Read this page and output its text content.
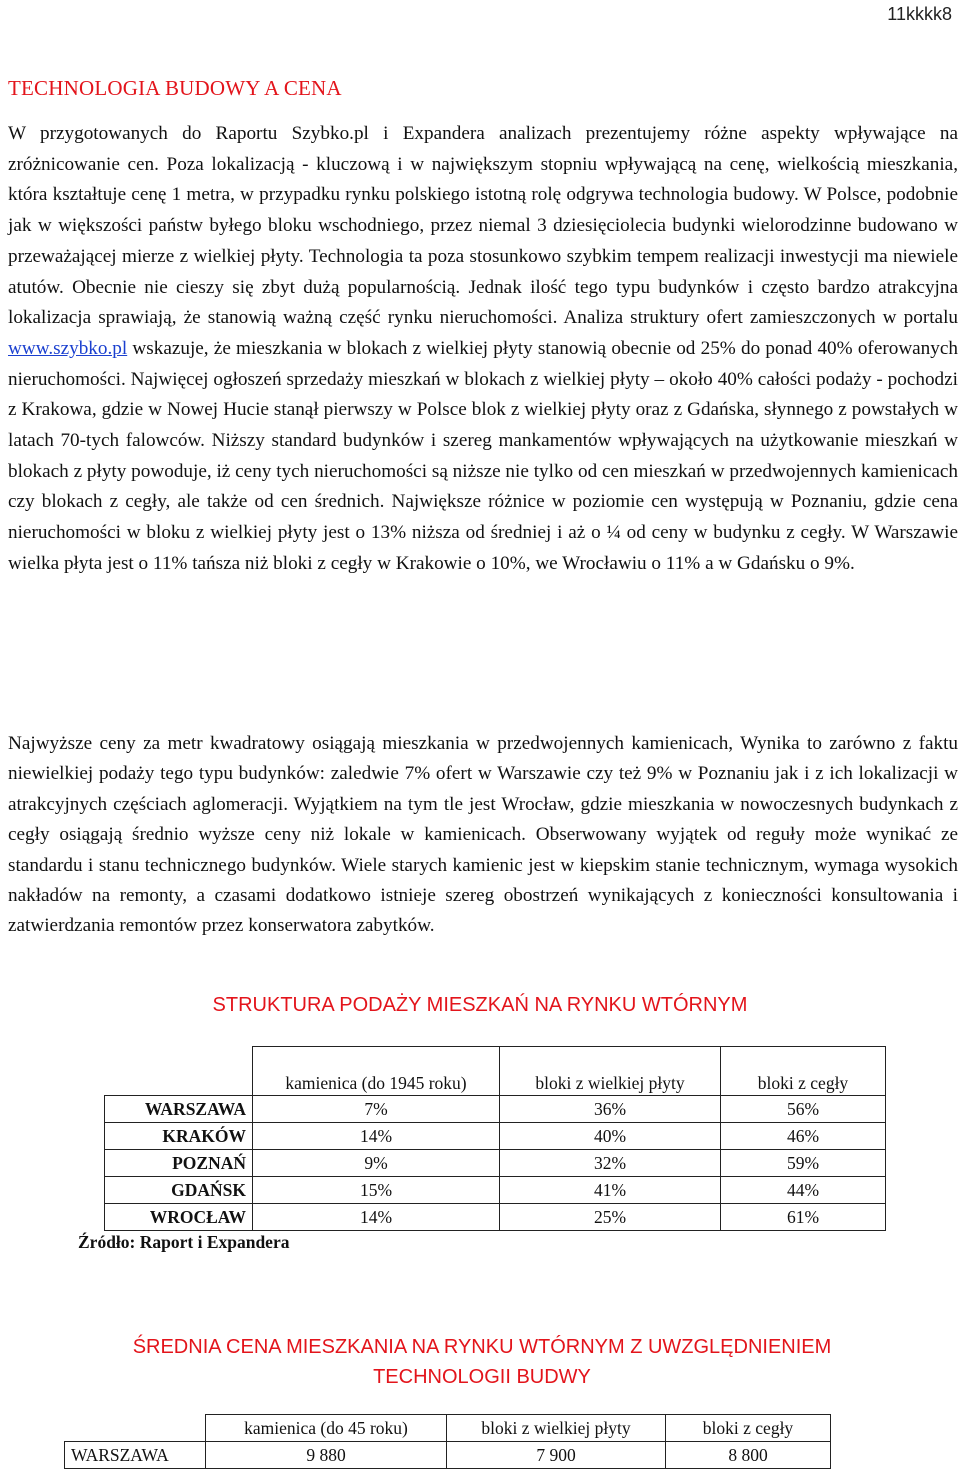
11kkkk8
TECHNOLOGIA BUDOWY A CENA

W przygotowanych do Raportu Szybko.pl i Expandera analizach prezentujemy różne aspekty wpływające na zróżnicowanie cen. Poza lokalizacją - kluczową i w największym stopniu wpływającą na cenę, wielkością mieszkania, która kształtuje cenę 1 metra, w przypadku rynku polskiego istotną rolę odgrywa technologia budowy. W Polsce, podobnie jak w większości państw byłego bloku wschodniego, przez niemal 3 dziesięciolecia budynki wielorodzinne budowano w przeważającej mierze z wielkiej płyty. Technologia ta poza stosunkowo szybkim tempem realizacji inwestycji ma niewiele atutów. Obecnie nie cieszy się zbyt dużą popularnością. Jednak ilość tego typu budynków i często bardzo atrakcyjna lokalizacja sprawiają, że stanowią ważną część rynku nieruchomości. Analiza struktury ofert zamieszczonych w portalu www.szybko.pl wskazuje, że mieszkania w blokach z wielkiej płyty stanowią obecnie od 25% do ponad 40% oferowanych nieruchomości. Najwięcej ogłoszeń sprzedaży mieszkań w blokach z wielkiej płyty – około 40% całości podaży - pochodzi z Krakowa, gdzie w Nowej Hucie stanął pierwszy w Polsce blok z wielkiej płyty oraz z Gdańska, słynnego z powstałych w latach 70-tych falowców. Niższy standard budynków i szereg mankamentów wpływających na użytkowanie mieszkań w blokach z płyty powoduje, iż ceny tych nieruchomości są niższe nie tylko od cen mieszkań w przedwojennych kamienicach czy blokach z cegły, ale także od cen średnich. Największe różnice w poziomie cen występują w Poznaniu, gdzie cena nieruchomości w bloku z wielkiej płyty jest o 13% niższa od średniej i aż o ¼ od ceny w budynku z cegły. W Warszawie wielka płyta jest o 11% tańsza niż bloki z cegły w Krakowie o 10%, we Wrocławiu o 11% a w Gdańsku o 9%.

Najwyższe ceny za metr kwadratowy osiągają mieszkania w przedwojennych kamienicach, Wynika to zarówno z faktu niewielkiej podaży tego typu budynków: zaledwie 7% ofert w Warszawie czy też 9% w Poznaniu jak i z ich lokalizacji w atrakcyjnych częściach aglomeracji. Wyjątkiem na tym tle jest Wrocław, gdzie mieszkania w nowoczesnych budynkach z cegły osiągają średnio wyższe ceny niż lokale w kamienicach. Obserwowany wyjątek od reguły może wynikać ze standardu i stanu technicznego budynków. Wiele starych kamienic jest w kiepskim stanie technicznym, wymaga wysokich nakładów na remonty, a czasami dodatkowo istnieje szereg obostrzeń wynikających z konieczności konsultowania i zatwierdzania remontów przez konserwatora zabytków.

STRUKTURA PODAŻY MIESZKAŃ NA RYNKU WTÓRNYM
	kamienica (do 1945 roku)	bloki z wielkiej płyty	bloki z cegły
WARSZAWA	7%	36%	56%
KRAKÓW	14%	40%	46%
POZNAŃ	9%	32%	59%
GDAŃSK	15%	41%	44%
WROCŁAW	14%	25%	61%
Źródło: Raport i Expandera
ŚREDNIA CENA MIESZKANIA NA RYNKU WTÓRNYM Z UWZGLĘDNIENIEM
TECHNOLOGII BUDWY
	kamienica (do 45 roku)	bloki z wielkiej płyty	bloki z cegły
WARSZAWA	9 880	7 900	8 800
